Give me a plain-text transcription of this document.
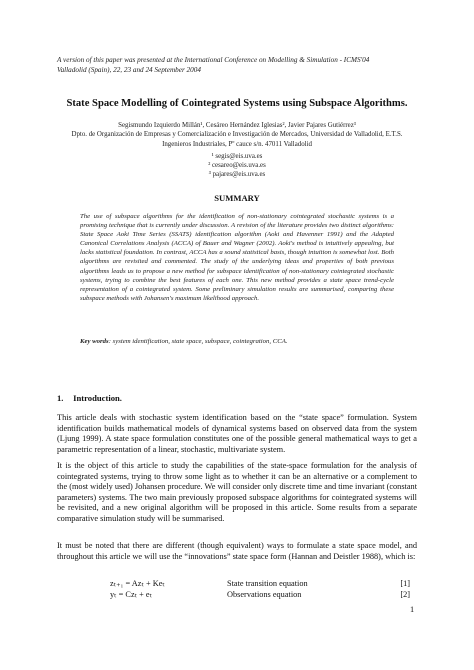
A version of this paper was presented at the International Conference on Modelling & Simulation - ICMS'04
Valladolid (Spain), 22, 23 and 24 September 2004
State Space Modelling of Cointegrated Systems using Subspace Algorithms.
Segismundo Izquierdo Millán¹, Cesáreo Hernández Iglesias², Javier Pajares Gutiérrez³
Dpto. de Organización de Empresas y Comercialización e Investigación de Mercados, Universidad de Valladolid, E.T.S. Ingenieros Industriales, Pº cauce s/n. 47011 Valladolid
¹ segis@eis.uva.es
² cesareo@eis.uva.es
³ pajares@eis.uva.es
SUMMARY
The use of subspace algorithms for the identification of non-stationary cointegrated stochastic systems is a promising technique that is currently under discussion. A revision of the literature provides two distinct algorithms: State Space Aoki Time Series (SSATS) identification algorithm (Aoki and Havenner 1991) and the Adapted Canonical Correlations Analysis (ACCA) of Bauer and Wagner (2002). Aoki's method is intuitively appealing, but lacks statistical foundation. In contrast, ACCA has a sound statistical basis, though intuition is somewhat lost. Both algorithms are revisited and commented. The study of the underlying ideas and properties of both previous algorithms leads us to propose a new method for subspace identification of non-stationary cointegrated stochastic systems, trying to combine the best features of each one. This new method provides a state space trend-cycle representation of a cointegrated system. Some preliminary simulation results are summarised, comparing these subspace methods with Johansen's maximum likelihood approach.
Key words: system identification, state space, subspace, cointegration, CCA.
1. Introduction.
This article deals with stochastic system identification based on the “state space” formulation. System identification builds mathematical models of dynamical systems based on observed data from the system (Ljung 1999). A state space formulation constitutes one of the possible general mathematical ways to get a parametric representation of a linear, stochastic, multivariate system.
It is the object of this article to study the capabilities of the state-space formulation for the analysis of cointegrated systems, trying to throw some light as to whether it can be an alternative or a complement to the (most widely used) Johansen procedure. We will consider only discrete time and time invariant (constant parameters) systems. The two main previously proposed subspace algorithms for cointegrated systems will be revisited, and a new original algorithm will be proposed in this article. Some results from a separate comparative simulation study will be summarised.
It must be noted that there are different (though equivalent) ways to formulate a state space model, and throughout this article we will use the “innovations” state space form (Hannan and Deistler 1988), which is:
zₜ₊₁ = Azₜ + Keₜ	State transition equation	[1]
yₜ = Czₜ + eₜ	Observations equation	[2]
1
